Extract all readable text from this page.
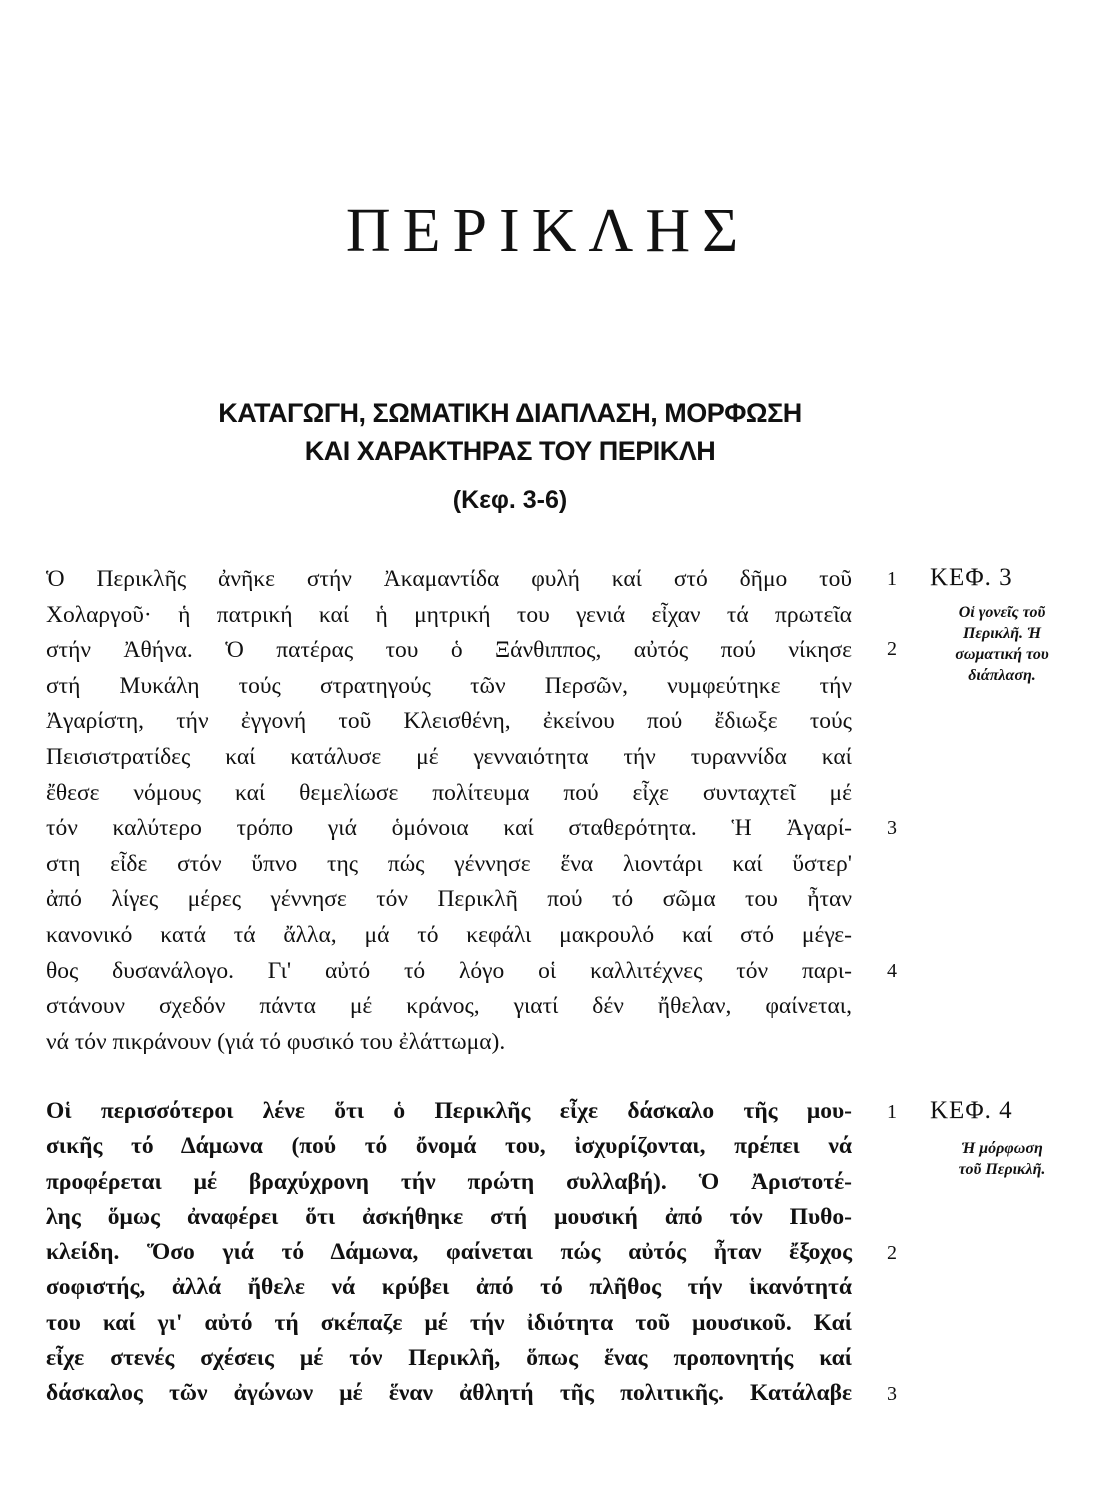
ΠΕΡΙΚΛΗΣ
ΚΑΤΑΓΩΓΗ, ΣΩΜΑΤΙΚΗ ΔΙΑΠΛΑΣΗ, ΜΟΡΦΩΣΗ
ΚΑΙ ΧΑΡΑΚΤΗΡΑΣ ΤΟΥ ΠΕΡΙΚΛΗ
(Κεφ. 3-6)
Ὁ Περικλῆς ἀνῆκε στήν Ἀκαμαντίδα φυλή καί στό δῆμο τοῦ
Χολαργοῦ· ἡ πατρική καί ἡ μητρική του γενιά εἶχαν τά πρωτεῖα
στήν Ἀθήνα. Ὁ πατέρας του ὁ Ξάνθιππος, αὐτός πού νίκησε
στή Μυκάλη τούς στρατηγούς τῶν Περσῶν, νυμφεύτηκε τήν
Ἀγαρίστη, τήν ἐγγονή τοῦ Κλεισθένη, ἐκείνου πού ἔδιωξε τούς
Πεισιστρατίδες καί κατάλυσε μέ γενναιότητα τήν τυραννίδα καί
ἔθεσε νόμους καί θεμελίωσε πολίτευμα πού εἶχε συνταχτεῖ μέ
τόν καλύτερο τρόπο γιά ὁμόνοια καί σταθερότητα. Ἡ Ἀγαρί-
στη εἶδε στόν ὕπνο της πώς γέννησε ἕνα λιοντάρι καί ὕστερ'
ἀπό λίγες μέρες γέννησε τόν Περικλῆ πού τό σῶμα του ἦταν
κανονικό κατά τά ἄλλα, μά τό κεφάλι μακρουλό καί στό μέγε-
θος δυσανάλογο. Γι' αὐτό τό λόγο οἱ καλλιτέχνες τόν παρι-
στάνουν σχεδόν πάντα μέ κράνος, γιατί δέν ἤθελαν, φαίνεται,
νά τόν πικράνουν (γιά τό φυσικό του ἐλάττωμα).
1
2
3
4
ΚΕΦ. 3
Οἱ γονεῖς τοῦ
Περικλῆ. Ἡ
σωματική του
διάπλαση.
Οἱ περισσότεροι λένε ὅτι ὁ Περικλῆς εἶχε δάσκαλο τῆς μου-
σικῆς τό Δάμωνα (πού τό ὄνομά του, ἰσχυρίζονται, πρέπει νά
προφέρεται μέ βραχύχρονη τήν πρώτη συλλαβή). Ὁ Ἀριστοτέ-
λης ὅμως ἀναφέρει ὅτι ἀσκήθηκε στή μουσική ἀπό τόν Πυθο-
κλείδη. Ὅσο γιά τό Δάμωνα, φαίνεται πώς αὐτός ἦταν ἔξοχος
σοφιστής, ἀλλά ἤθελε νά κρύβει ἀπό τό πλῆθος τήν ἱκανότητά
του καί γι' αὐτό τή σκέπαζε μέ τήν ἰδιότητα τοῦ μουσικοῦ. Καί
εἶχε στενές σχέσεις μέ τόν Περικλῆ, ὅπως ἕνας προπονητής καί
δάσκαλος τῶν ἀγώνων μέ ἕναν ἀθλητή τῆς πολιτικῆς. Κατάλαβε
1
2
3
ΚΕΦ. 4
Ἡ μόρφωση
τοῦ Περικλῆ.
